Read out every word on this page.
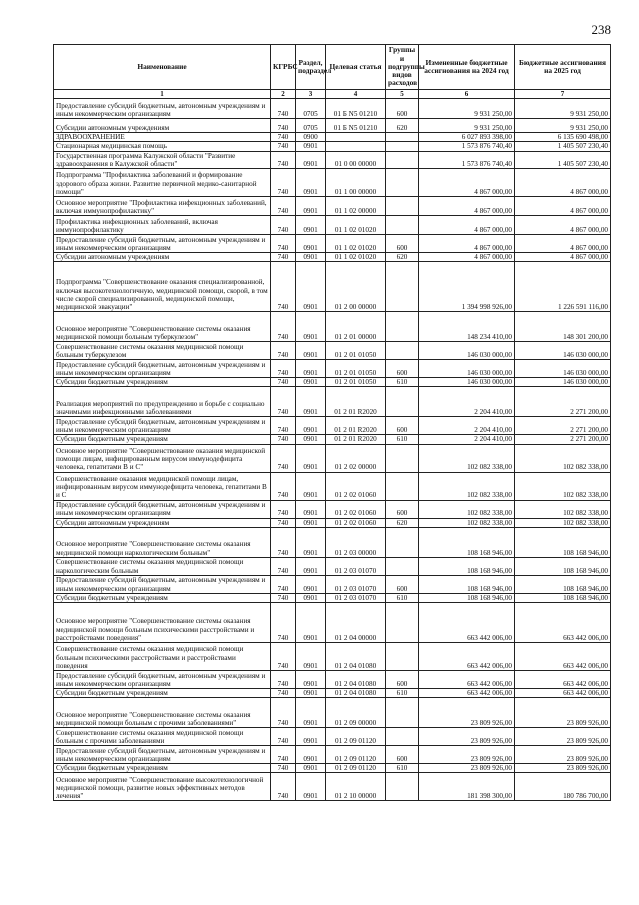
238
Наименование	КГРБС	Раздел, подраздел	Целевая статья	Группы и подгруппы видов расходов	Измененные бюджетные ассигнования на 2024 год	Бюджетные ассигнования на 2025 год
1	2	3	4	5	6	7
Предоставление субсидий бюджетным, автономным учреждениям и иным некоммерческим организациям	740	0705	01 Б N5 01210	600	9 931 250,00	9 931 250,00
Субсидии автономным учреждениям	740	0705	01 Б N5 01210	620	9 931 250,00	9 931 250,00
ЗДРАВООХРАНЕНИЕ	740	0900			6 027 893 398,00	6 135 690 498,00
Стационарная медицинская помощь	740	0901			1 573 876 740,40	1 405 507 230,40
Государственная программа Калужской области "Развитие здравоохранения в Калужской области"	740	0901	01 0 00 00000		1 573 876 740,40	1 405 507 230,40
Подпрограмма "Профилактика заболеваний и формирование здорового образа жизни. Развитие первичной медико-санитарной помощи"	740	0901	01 1 00 00000		4 867 000,00	4 867 000,00
Основное мероприятие "Профилактика инфекционных заболеваний, включая иммунопрофилактику"	740	0901	01 1 02 00000		4 867 000,00	4 867 000,00
Профилактика инфекционных заболеваний, включая иммунопрофилактику	740	0901	01 1 02 01020		4 867 000,00	4 867 000,00
Предоставление субсидий бюджетным, автономным учреждениям и иным некоммерческим организациям	740	0901	01 1 02 01020	600	4 867 000,00	4 867 000,00
Субсидии автономным учреждениям	740	0901	01 1 02 01020	620	4 867 000,00	4 867 000,00
Подпрограмма "Совершенствование оказания специализированной, включая высокотехнологичную, медицинской помощи, скорой, в том числе скорой специализированной, медицинской помощи, медицинской эвакуации"	740	0901	01 2 00 00000		1 394 998 926,00	1 226 591 116,00
Основное мероприятие "Совершенствование системы оказания медицинской помощи больным туберкулезом"	740	0901	01 2 01 00000		148 234 410,00	148 301 200,00
Совершенствование системы оказания медицинской помощи больным туберкулезом	740	0901	01 2 01 01050		146 030 000,00	146 030 000,00
Предоставление субсидий бюджетным, автономным учреждениям и иным некоммерческим организациям	740	0901	01 2 01 01050	600	146 030 000,00	146 030 000,00
Субсидии бюджетным учреждениям	740	0901	01 2 01 01050	610	146 030 000,00	146 030 000,00
Реализация мероприятий по предупреждению и борьбе с социально значимыми инфекционными заболеваниями	740	0901	01 2 01 R2020		2 204 410,00	2 271 200,00
Предоставление субсидий бюджетным, автономным учреждениям и иным некоммерческим организациям	740	0901	01 2 01 R2020	600	2 204 410,00	2 271 200,00
Субсидии бюджетным учреждениям	740	0901	01 2 01 R2020	610	2 204 410,00	2 271 200,00
Основное мероприятие "Совершенствование оказания медицинской помощи лицам, инфицированным вирусом иммунодефицита человека, гепатитами В и С"	740	0901	01 2 02 00000		102 082 338,00	102 082 338,00
Совершенствование оказания медицинской помощи лицам, инфицированным вирусом иммунодефицита человека, гепатитами В и С	740	0901	01 2 02 01060		102 082 338,00	102 082 338,00
Предоставление субсидий бюджетным, автономным учреждениям и иным некоммерческим организациям	740	0901	01 2 02 01060	600	102 082 338,00	102 082 338,00
Субсидии автономным учреждениям	740	0901	01 2 02 01060	620	102 082 338,00	102 082 338,00
Основное мероприятие "Совершенствование системы оказания медицинской помощи наркологическим больным"	740	0901	01 2 03 00000		108 168 946,00	108 168 946,00
Совершенствование системы оказания медицинской помощи наркологическим больным	740	0901	01 2 03 01070		108 168 946,00	108 168 946,00
Предоставление субсидий бюджетным, автономным учреждениям и иным некоммерческим организациям	740	0901	01 2 03 01070	600	108 168 946,00	108 168 946,00
Субсидии бюджетным учреждениям	740	0901	01 2 03 01070	610	108 168 946,00	108 168 946,00
Основное мероприятие "Совершенствование системы оказания медицинской помощи больным психическими расстройствами и расстройствами поведения"	740	0901	01 2 04 00000		663 442 006,00	663 442 006,00
Совершенствование системы оказания медицинской помощи больным психическими расстройствами и расстройствами поведения	740	0901	01 2 04 01080		663 442 006,00	663 442 006,00
Предоставление субсидий бюджетным, автономным учреждениям и иным некоммерческим организациям	740	0901	01 2 04 01080	600	663 442 006,00	663 442 006,00
Субсидии бюджетным учреждениям	740	0901	01 2 04 01080	610	663 442 006,00	663 442 006,00
Основное мероприятие "Совершенствование системы оказания медицинской помощи больным с прочими заболеваниями"	740	0901	01 2 09 00000		23 809 926,00	23 809 926,00
Совершенствование системы оказания медицинской помощи больным с прочими заболеваниями	740	0901	01 2 09 01120		23 809 926,00	23 809 926,00
Предоставление субсидий бюджетным, автономным учреждениям и иным некоммерческим организациям	740	0901	01 2 09 01120	600	23 809 926,00	23 809 926,00
Субсидии бюджетным учреждениям	740	0901	01 2 09 01120	610	23 809 926,00	23 809 926,00
Основное мероприятие "Совершенствование высокотехнологичной медицинской помощи, развитие новых эффективных методов лечения"	740	0901	01 2 10 00000		181 398 300,00	180 786 700,00
